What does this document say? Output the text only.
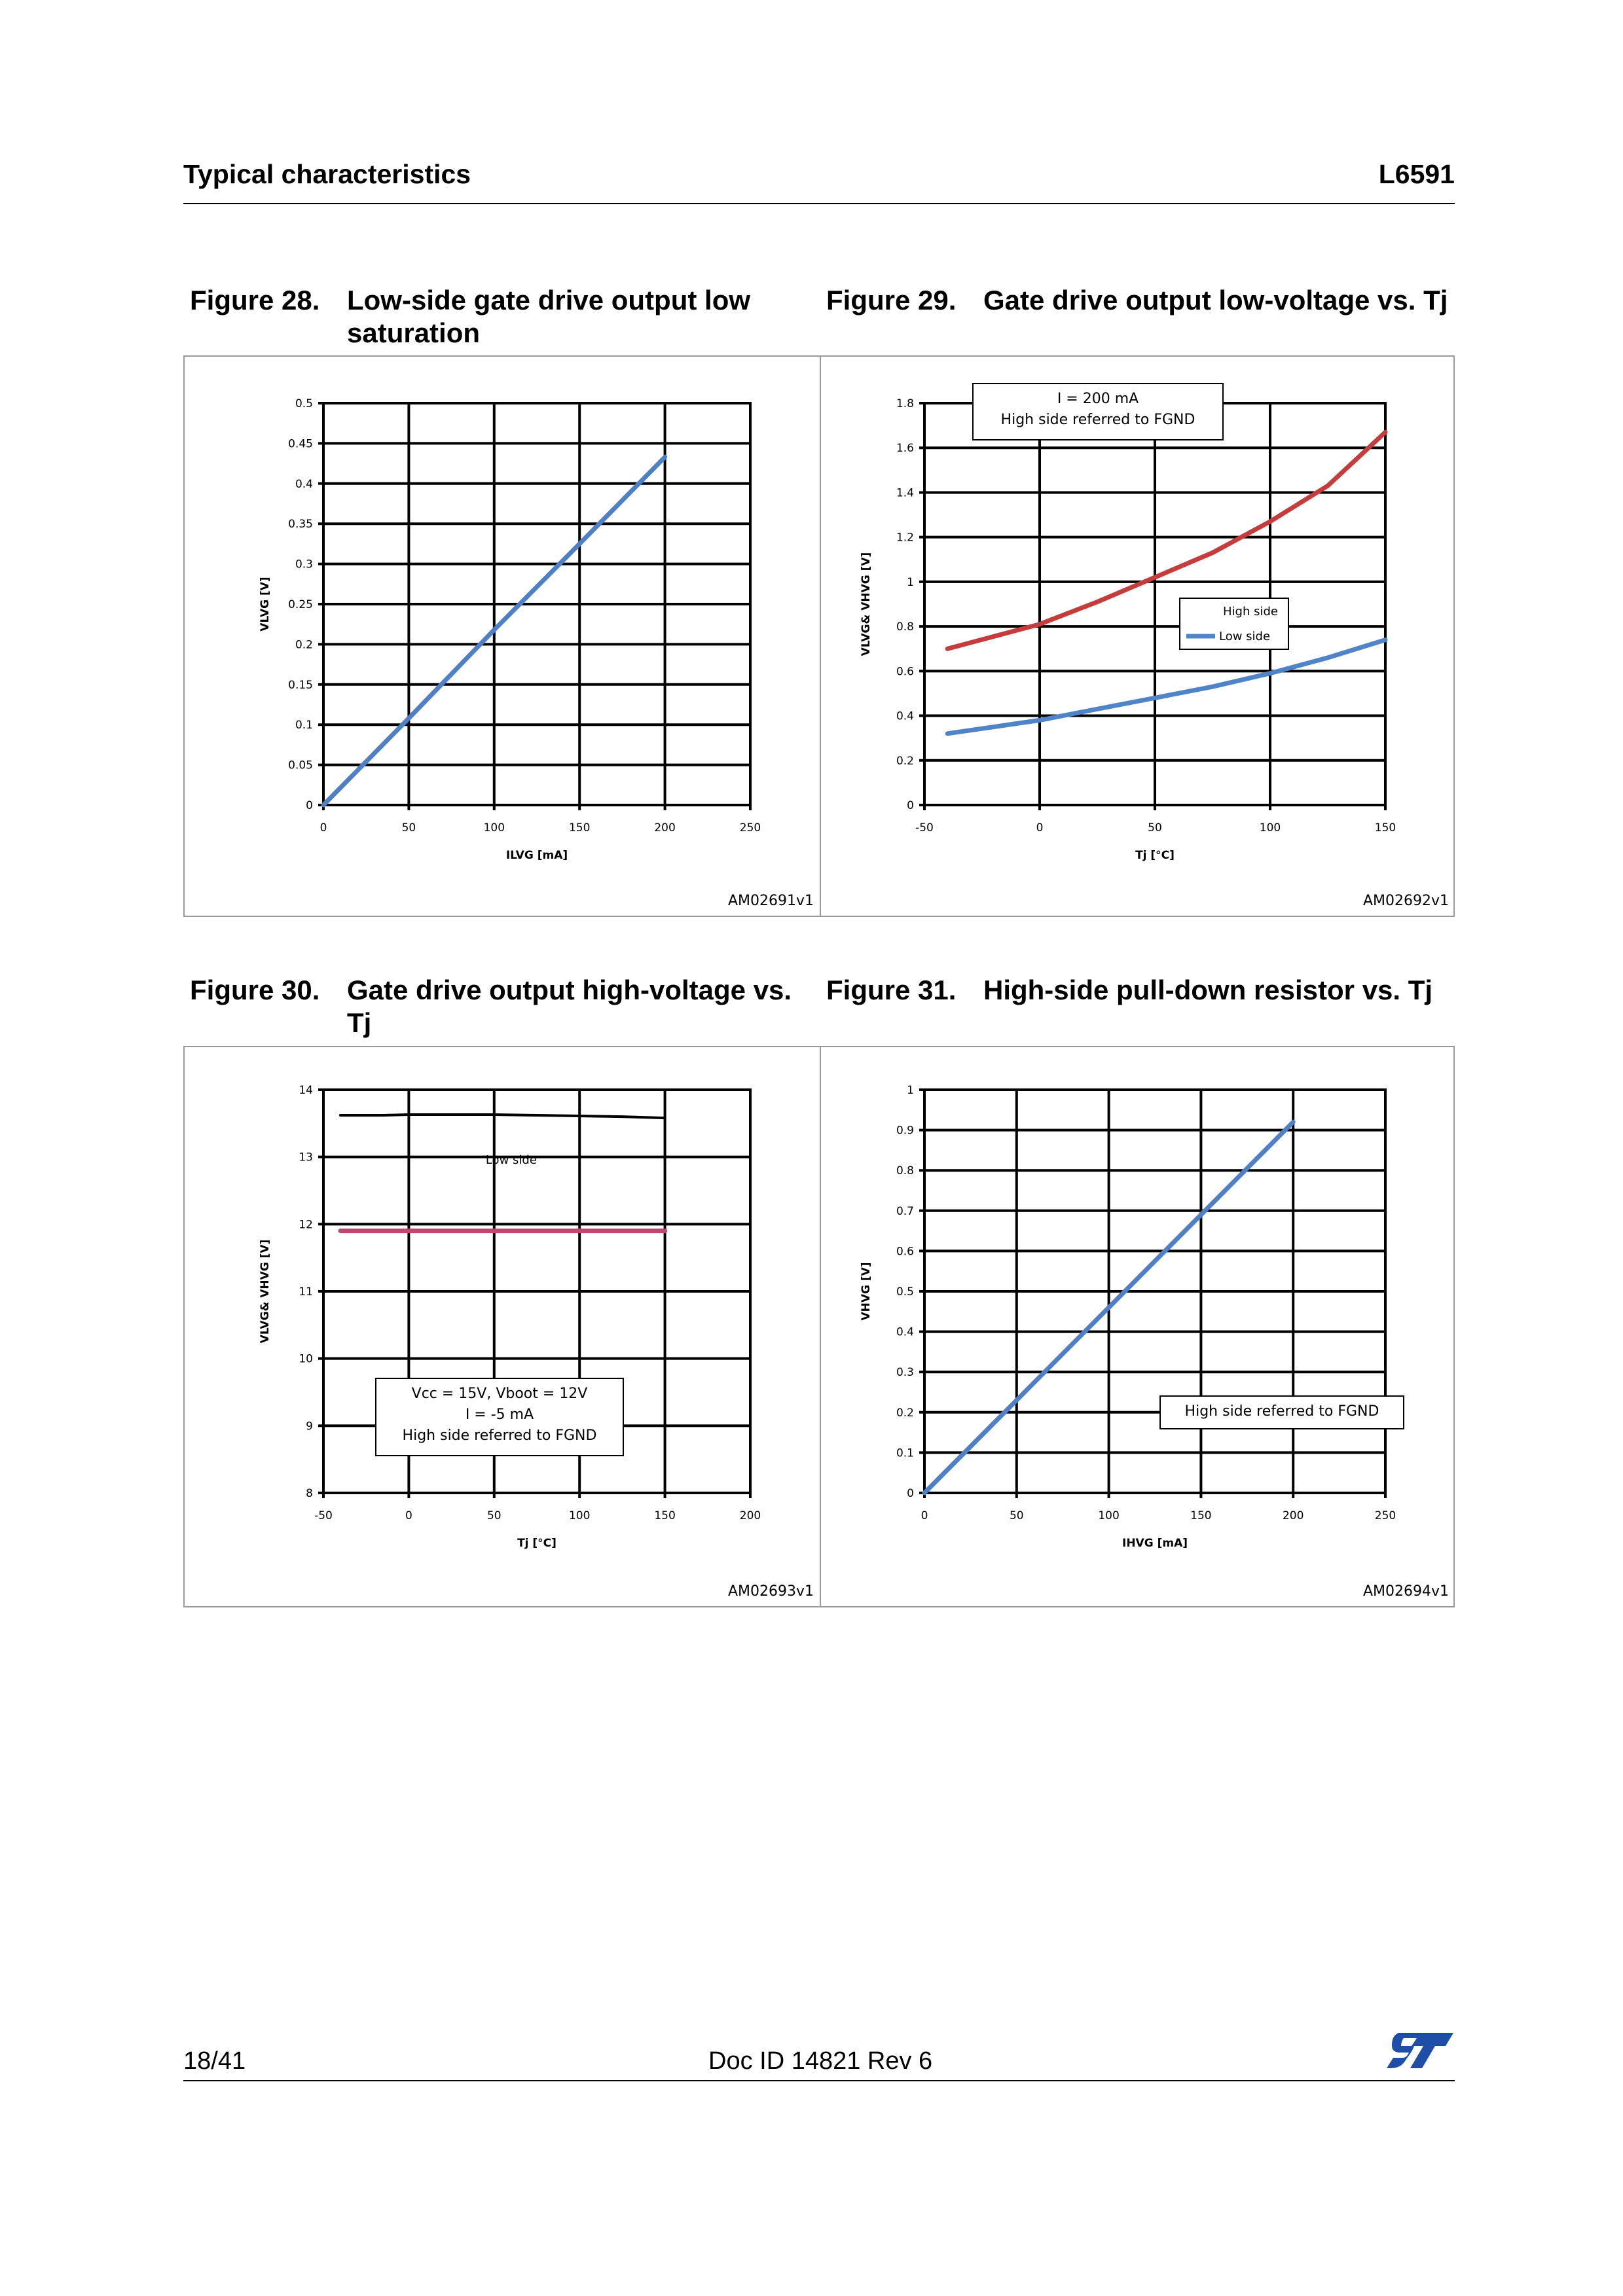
Typical characteristics	L6591
Figure 28. Low-side gate drive output low saturation
Figure 29. Gate drive output low-voltage vs. Tj
0	50	100	150	200	250
0
0.05
0.1
0.15
0.2
0.25
0.3
0.35
0.4
0.45
0.5
ILVG [mA]
VLVG [V]
-50	0	50	100	150
0
0.2
0.4
0.6
0.8
1
1.2
1.4
1.6
1.8
Tj [°C]
VLVG& VHVG [V]
I = 200 mA
High side referred to FGND
High side
Low side
AM02691v1	AM02692v1
Figure 30. Gate drive output high-voltage vs. Tj
Figure 31. High-side pull-down resistor vs. Tj
-50	0	50	100	150	200
8
9
10
11
12
13
14
Tj [°C]
VLVG& VHVG [V]
Vcc = 15V, Vboot = 12V
I = -5 mA
High side referred to FGND
Low side
0	50	100	150	200	250
0
0.1
0.2
0.3
0.4
0.5
0.6
0.7
0.8
0.9
1
IHVG [mA]
VHVG [V]
High side referred to FGND
AM02693v1	AM02694v1
18/41	Doc ID 14821 Rev 6
